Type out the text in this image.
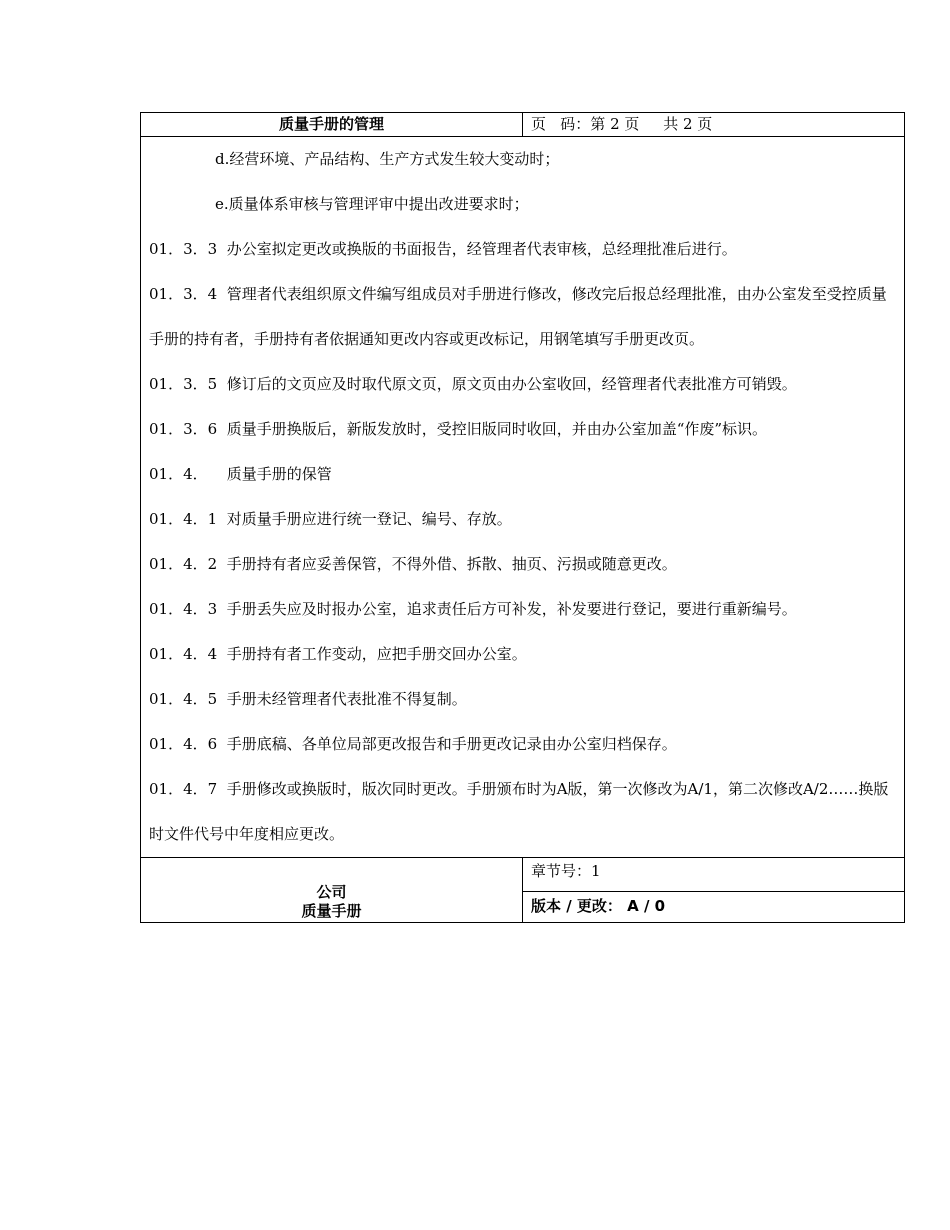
质量手册的管理	页   码：第 2 页     共 2 页

d.经营环境、产品结构、生产方式发生较大变动时；

e.质量体系审核与管理评审中提出改进要求时；

01．3．3  办公室拟定更改或换版的书面报告，经管理者代表审核，总经理批准后进行。

01．3．4  管理者代表组织原文件编写组成员对手册进行修改，修改完后报总经理批准，由办公室发至受控质量手册的持有者，手册持有者依据通知更改内容或更改标记，用钢笔填写手册更改页。

01．3．5  修订后的文页应及时取代原文页，原文页由办公室收回，经管理者代表批准方可销毁。

01．3．6  质量手册换版后，新版发放时，受控旧版同时收回，并由办公室加盖“作废”标识。

01．4．    质量手册的保管

01．4．1  对质量手册应进行统一登记、编号、存放。

01．4．2  手册持有者应妥善保管，不得外借、拆散、抽页、污损或随意更改。

01．4．3  手册丢失应及时报办公室，追求责任后方可补发，补发要进行登记，要进行重新编号。

01．4．4  手册持有者工作变动，应把手册交回办公室。

01．4．5  手册未经管理者代表批准不得复制。

01．4．6  手册底稿、各单位局部更改报告和手册更改记录由办公室归档保存。

01．4．7  手册修改或换版时，版次同时更改。手册颁布时为A版，第一次修改为A/1，第二次修改A/2……换版时文件代号中年度相应更改。

公司
质量手册
章节号：1
版本 / 更改： A / 0
